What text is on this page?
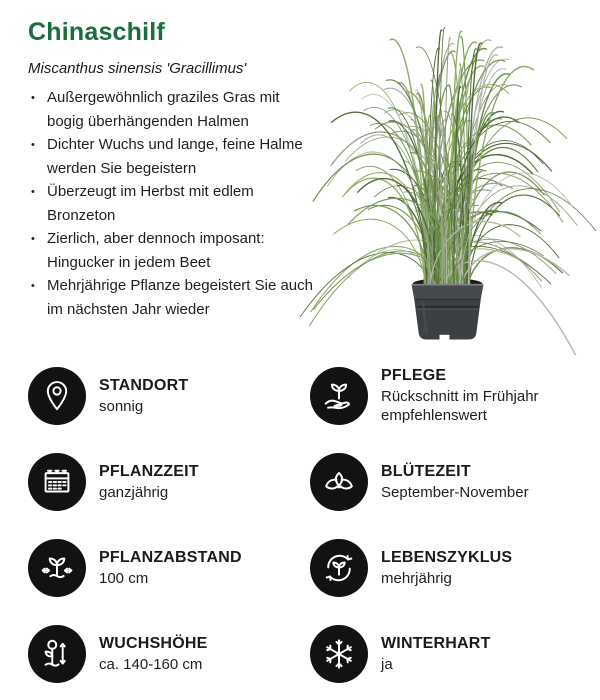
Chinaschilf

Miscanthus sinensis 'Gracillimus'

• Außergewöhnlich graziles Gras mit bogig überhängenden Halmen
• Dichter Wuchs und lange, feine Halme werden Sie begeistern
• Überzeugt im Herbst mit edlem Bronzeton
• Zierlich, aber dennoch imposant: Hingucker in jedem Beet
• Mehrjährige Pflanze begeistert Sie auch im nächsten Jahr wieder
STANDORT
sonnig
PFLEGE
Rückschnitt im Frühjahr empfehlenswert
PFLANZZEIT
ganzjährig
BLÜTEZEIT
September-November
PFLANZABSTAND
100 cm
LEBENSZYKLUS
mehrjährig
WUCHSHÖHE
ca. 140-160 cm
WINTERHART
ja
